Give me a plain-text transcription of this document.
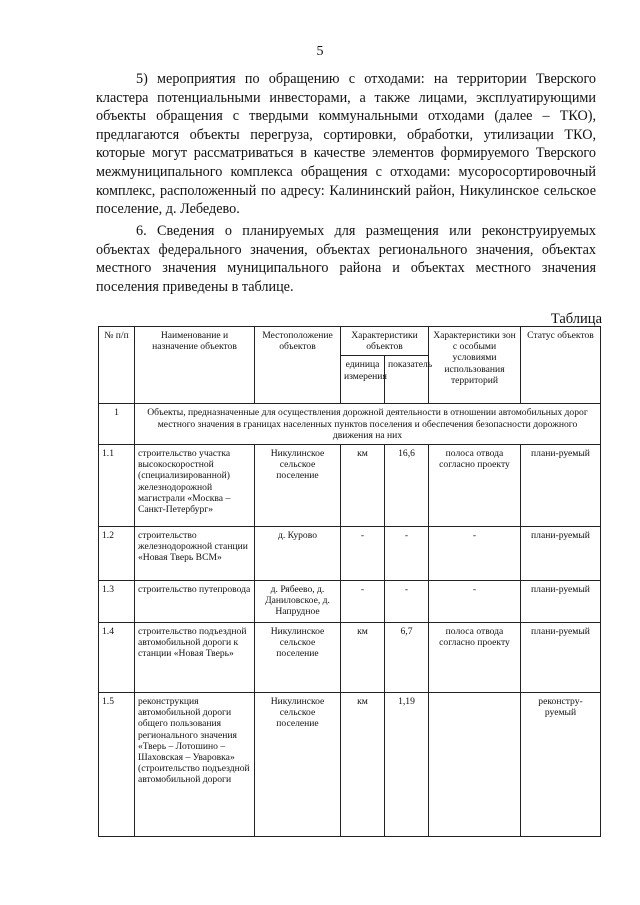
5

5) мероприятия по обращению с отходами: на территории Тверского кластера потенциальными инвесторами, а также лицами, эксплуатирующими объекты обращения с твердыми коммунальными отходами (далее – ТКО), предлагаются объекты перегруза, сортировки, обработки, утилизации ТКО, которые могут рассматриваться в качестве элементов формируемого Тверского межмуниципального комплекса обращения с отходами: мусоросортировочный комплекс, расположенный по адресу: Калининский район, Никулинское сельское поселение, д. Лебедево.

6. Сведения о планируемых для размещения или реконструируемых объектах федерального значения, объектах регионального значения, объектах местного значения муниципального района и объектах местного значения поселения приведены в таблице.

Таблица
№ п/п	Наименование и назначение объектов	Местоположение объектов	Характеристики объектов		Характеристики зон с особыми условиями использования территорий	Статус объектов
			единица измерения	показатель		
1	Объекты, предназначенные для осуществления дорожной деятельности в отношении автомобильных дорог местного значения в границах населенных пунктов поселения и обеспечения безопасности дорожного движения на них					
1.1	строительство участка высокоскоростной (специализированной) железнодорожной магистрали «Москва – Санкт-Петербург»	Никулинское сельское поселение	км	16,6	полоса отвода согласно проекту	плани-руемый
1.2	строительство железнодорожной станции «Новая Тверь ВСМ»	д. Курово	-	-	-	плани-руемый
1.3	строительство путепровода	д. Рябеево, д. Даниловское, д. Напрудное	-	-	-	плани-руемый
1.4	строительство подъездной автомобильной дороги к станции «Новая Тверь»	Никулинское сельское поселение	км	6,7	полоса отвода согласно проекту	плани-руемый
1.5	реконструкция автомобильной дороги общего пользования регионального значения «Тверь – Лотошино – Шаховская – Уваровка» (строительство подъездной автомобильной дороги	Никулинское сельское поселение	км	1,19		реконстру-руемый
